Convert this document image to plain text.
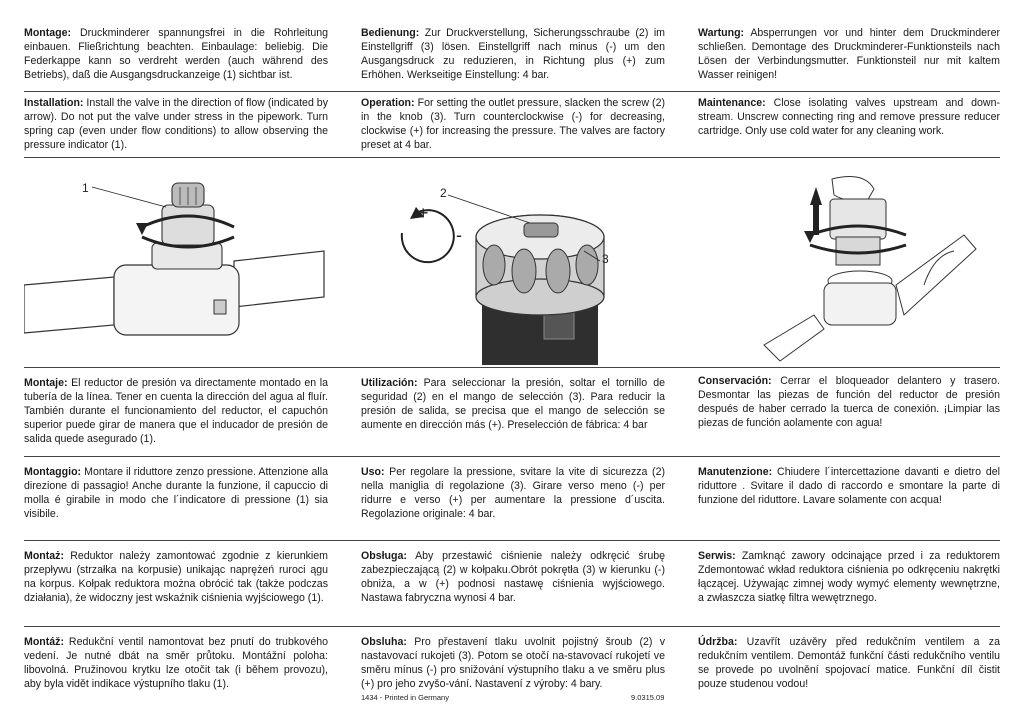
Montage: Druckminderer spannungsfrei in die Rohrleitung einbauen. Fließrichtung beachten. Einbaulage: beliebig. Die Federkappe kann so verdreht werden (auch während des Betriebs), daß die Ausgangsdruckanzeige (1) sichtbar ist.
Bedienung: Zur Druckverstellung, Sicherungsschraube (2) im Einstellgriff (3) lösen. Einstellgriff nach minus (-) um den Ausgangsdruck zu reduzieren, in Richtung plus (+) zum Erhöhen. Werkseitige Einstellung: 4 bar.
Wartung: Absperrungen vor und hinter dem Druckminderer schließen. Demontage des Druckminderer-Funktionsteils nach Lösen der Verbindungsmutter. Funktionsteil nur mit kaltem Wasser reinigen!
Installation: Install the valve in the direction of flow (indicated by arrow). Do not put the valve under stress in the pipework. Turn spring cap (even under flow conditions) to allow observing the pressure indicator (1).
Operation: For setting the outlet pressure, slacken the screw (2) in the knob (3). Turn counterclockwise (-) for decreasing, clockwise (+) for increasing the pressure. The valves are factory preset at 4 bar.
Maintenance: Close isolating valves upstream and down-stream. Unscrew connecting ring and remove pressure reducer cartridge. Only use cold water for any cleaning work.
1
+
-
2
3
Montaje: El reductor de presión va directamente montado en la tubería de la línea. Tener en cuenta la dirección del agua al fluír. También durante el funcionamiento del reductor, el capuchón superior puede girar de manera que el inducador de presión de salida quede asegurado (1).
Utilización: Para seleccionar la presión, soltar el tornillo de seguridad (2) en el mango de selección (3). Para reducir la presión de salida, se precisa que el mango de selección se aumente en dirección más (+). Preselección de fábrica: 4 bar
Conservación: Cerrar el bloqueador delantero y trasero. Desmontar las piezas de función del reductor de presión después de haber cerrado la tuerca de conexión. ¡Limpiar las piezas de función aolamente con agua!
Montaggio: Montare il riduttore zenzo pressione. Attenzione alla direzione di passagio! Anche durante la funzione, il capuccio di molla é girabile in modo che l´indicatore di pressione (1) sia visibile.
Uso: Per regolare la pressione, svitare la vite di sicurezza (2) nella maniglia di regolazione (3). Girare verso meno (-) per ridurre e verso (+) per aumentare la pressione d´uscita. Regolazione originale: 4 bar.
Manutenzione: Chiudere l´intercettazione davanti e dietro del riduttore . Svitare il dado di raccordo e smontare la parte di funzione del riduttore. Lavare solamente con acqua!
Montaż: Reduktor należy zamontować zgodnie z kierunkiem przepływu (strzałka na korpusie) unikając naprężeń ruroci ągu na korpus. Kołpak reduktora można obrócić tak (także podczas działania), że widoczny jest wskaźnik ciśnienia wyjściowego (1).
Obsługa: Aby przestawić ciśnienie należy odkręcić śrubę zabezpieczającą (2) w kołpaku.Obrót pokrętła (3) w kierunku (-) obniża, a w (+) podnosi nastawę ciśnienia wyjściowego. Nastawa fabryczna wynosi 4 bar.
Serwis: Zamknąć zawory odcinające przed i za reduktorem Zdemontować wkład reduktora ciśnienia po odkręceniu nakrętki łączącej. Używając zimnej wody wymyć elementy wewnętrzne, a zwłaszcza siatkę filtra wewętrznego.
Montáž: Redukční ventil namontovat bez pnutí do trubkového vedení. Je nutné dbát na směr průtoku. Montážní poloha: libovolná. Pružinovou krytku lze otočit tak (i během provozu), aby byla vidět indikace výstupního tlaku (1).
Obsluha: Pro přestavení tlaku uvolnit pojistný šroub (2) v nastavovací rukojeti (3). Potom se otočí na-stavovací rukojetí ve směru mínus (-) pro snižování výstupního tlaku a ve směru plus (+) pro jeho zvyšo-vání. Nastavení z výroby: 4 bary.
Údržba: Uzavřít uzávěry před redukčním ventilem a za redukčním ventilem. Demontáž funkční části redukčního ventilu se provede po uvolnění spojovací matice. Funkční díl čistit pouze studenou vodou!
1434 - Printed in Germany	9.0315.09
